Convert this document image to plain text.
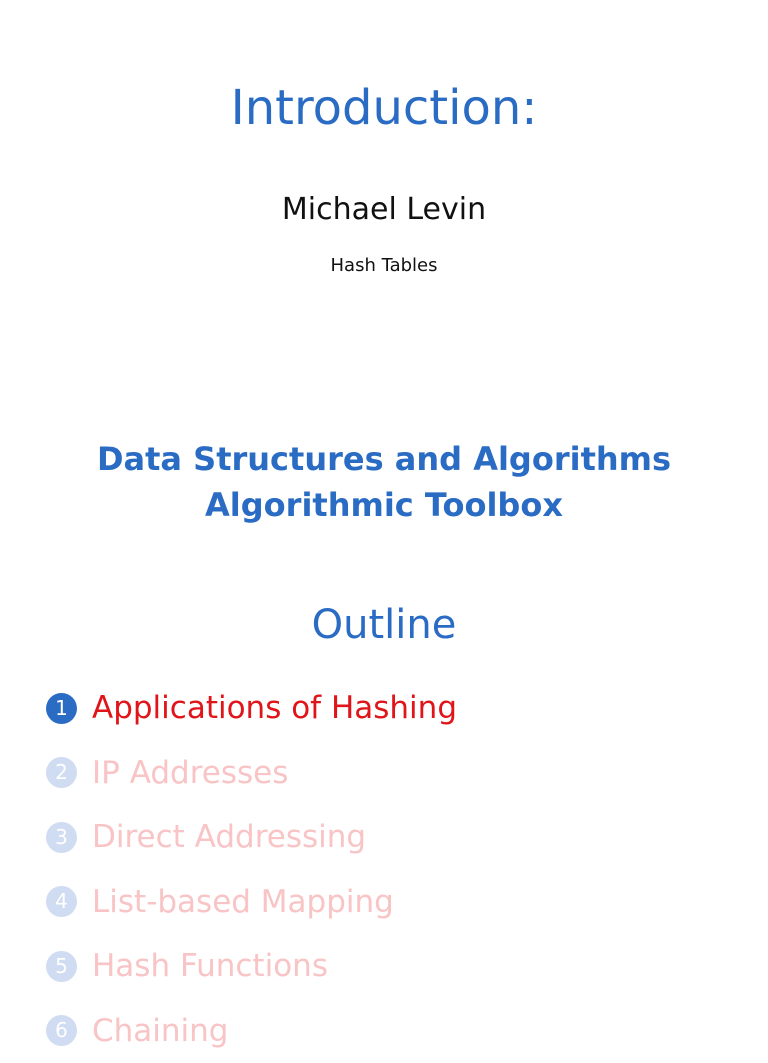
Introduction:
Michael Levin
Hash Tables
Data Structures and Algorithms
Algorithmic Toolbox
Outline
1 Applications of Hashing
2 IP Addresses
3 Direct Addressing
4 List-based Mapping
5 Hash Functions
6 Chaining
